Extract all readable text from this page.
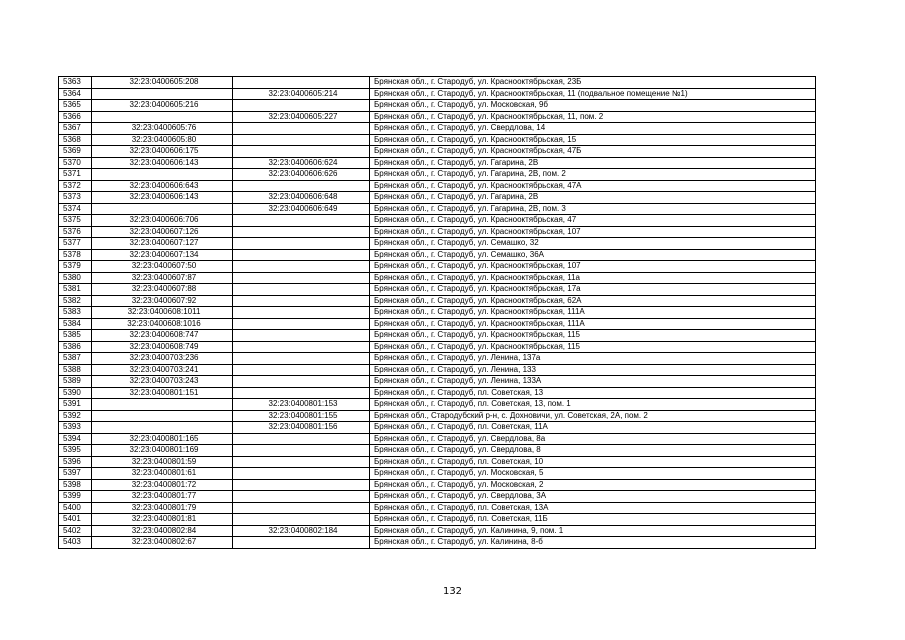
5363	32:23:0400605:208		Брянская обл., г. Стародуб, ул. Краснооктябрьская, 23Б
5364		32:23:0400605:214	Брянская обл., г. Стародуб, ул. Краснооктябрьская, 11 (подвальное помещение №1)
5365	32:23:0400605:216		Брянская обл., г. Стародуб, ул. Московская, 9б
5366		32:23:0400605:227	Брянская обл., г. Стародуб, ул. Краснооктябрьская, 11, пом. 2
5367	32:23:0400605:76		Брянская обл., г. Стародуб, ул. Свердлова, 14
5368	32:23:0400605:80		Брянская обл., г. Стародуб, ул. Краснооктябрьская, 15
5369	32:23:0400606:175		Брянская обл., г. Стародуб, ул. Краснооктябрьская, 47Б
5370	32:23:0400606:143	32:23:0400606:624	Брянская обл., г. Стародуб, ул. Гагарина, 2В
5371		32:23:0400606:626	Брянская обл., г. Стародуб, ул. Гагарина, 2В, пом. 2
5372	32:23:0400606:643		Брянская обл., г. Стародуб, ул. Краснооктябрьская, 47А
5373	32:23:0400606:143	32:23:0400606:648	Брянская обл., г. Стародуб, ул. Гагарина, 2В
5374		32:23:0400606:649	Брянская обл., г. Стародуб, ул. Гагарина, 2В, пом. 3
5375	32:23:0400606:706		Брянская обл., г. Стародуб, ул. Краснооктябрьская, 47
5376	32:23:0400607:126		Брянская обл., г. Стародуб, ул. Краснооктябрьская, 107
5377	32:23:0400607:127		Брянская обл., г. Стародуб, ул. Семашко, 32
5378	32:23:0400607:134		Брянская обл., г. Стародуб, ул. Семашко, 36А
5379	32:23:0400607:50		Брянская обл., г. Стародуб, ул. Краснооктябрьская, 107
5380	32:23:0400607:87		Брянская обл., г. Стародуб, ул. Краснооктябрьская, 11а
5381	32:23:0400607:88		Брянская обл., г. Стародуб, ул. Краснооктябрьская, 17а
5382	32:23:0400607:92		Брянская обл., г. Стародуб, ул. Краснооктябрьская, 62А
5383	32:23:0400608:1011		Брянская обл., г. Стародуб, ул. Краснооктябрьская, 111А
5384	32:23:0400608:1016		Брянская обл., г. Стародуб, ул. Краснооктябрьская, 111А
5385	32:23:0400608:747		Брянская обл., г. Стародуб, ул. Краснооктябрьская, 115
5386	32:23:0400608:749		Брянская обл., г. Стародуб, ул. Краснооктябрьская, 115
5387	32:23:0400703:236		Брянская обл., г. Стародуб, ул. Ленина, 137а
5388	32:23:0400703:241		Брянская обл., г. Стародуб, ул. Ленина, 133
5389	32:23:0400703:243		Брянская обл., г. Стародуб, ул. Ленина, 133А
5390	32:23:0400801:151		Брянская обл., г. Стародуб, пл. Советская, 13
5391		32:23:0400801:153	Брянская обл., г. Стародуб, пл. Советская, 13, пом. 1
5392		32:23:0400801:155	Брянская обл., Стародубский р-н, с. Дохновичи, ул. Советская, 2А, пом. 2
5393		32:23:0400801:156	Брянская обл., г. Стародуб, пл. Советская, 11А
5394	32:23:0400801:165		Брянская обл., г. Стародуб, ул. Свердлова, 8а
5395	32:23:0400801:169		Брянская обл., г. Стародуб, ул. Свердлова, 8
5396	32:23:0400801:59		Брянская обл., г. Стародуб, пл. Советская, 10
5397	32:23:0400801:61		Брянская обл., г. Стародуб, ул. Московская, 5
5398	32:23:0400801:72		Брянская обл., г. Стародуб, ул. Московская, 2
5399	32:23:0400801:77		Брянская обл., г. Стародуб, ул. Свердлова, 3А
5400	32:23:0400801:79		Брянская обл., г. Стародуб, пл. Советская, 13А
5401	32:23:0400801:81		Брянская обл., г. Стародуб, пл. Советская, 11Б
5402	32:23:0400802:84	32:23:0400802:184	Брянская обл., г. Стародуб, ул. Калинина, 9, пом. 1
5403	32:23:0400802:67		Брянская обл., г. Стародуб, ул. Калинина, 8-б
132
